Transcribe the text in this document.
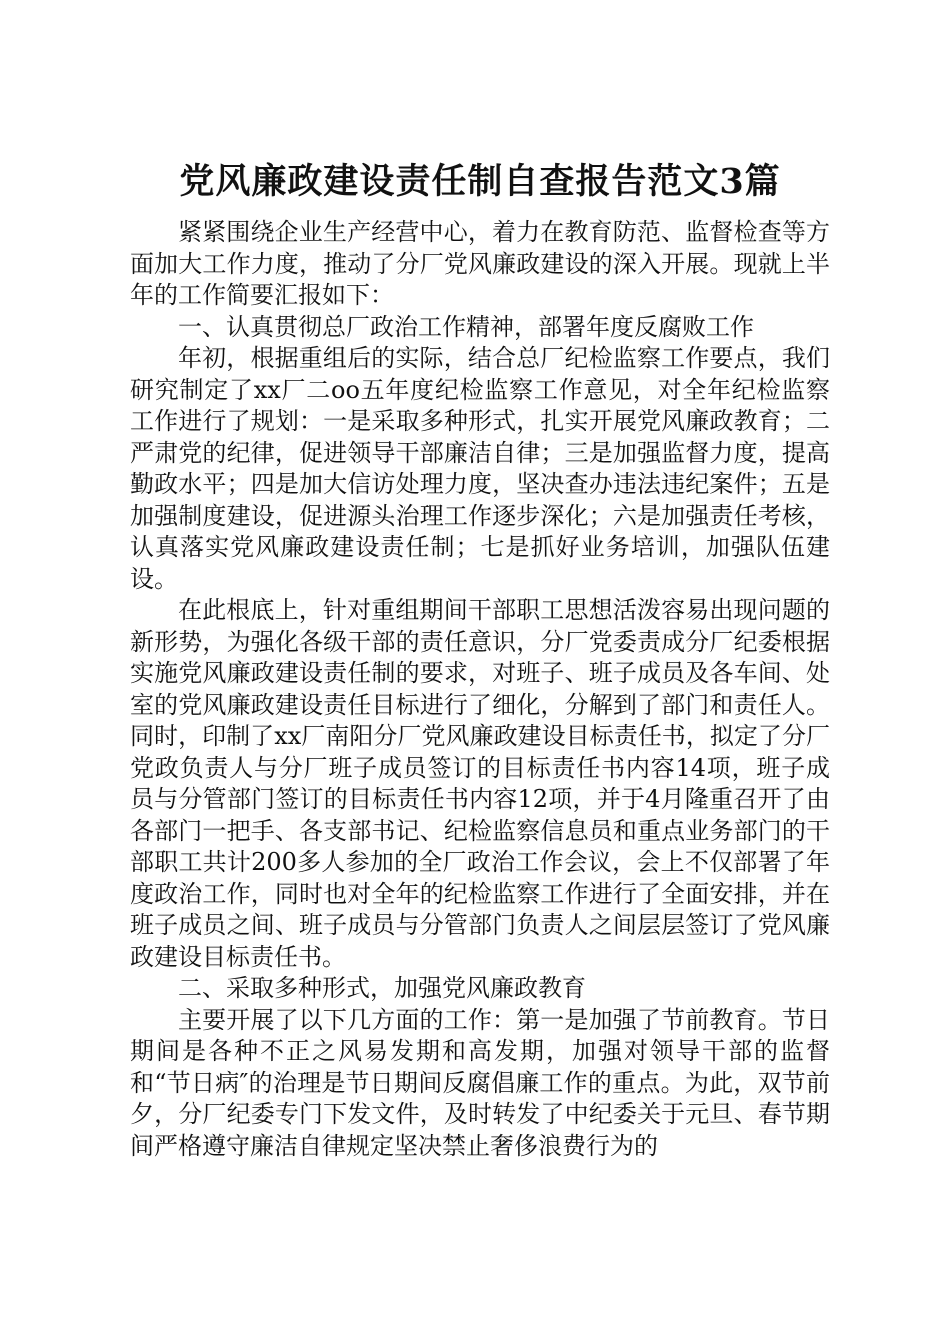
党风廉政建设责任制自查报告范文3篇

紧紧围绕企业生产经营中心，着力在教育防范、监督检查等方面加大工作力度，推动了分厂党风廉政建设的深入开展。现就上半年的工作简要汇报如下：

一、认真贯彻总厂政治工作精神，部署年度反腐败工作

年初，根据重组后的实际，结合总厂纪检监察工作要点，我们研究制定了xx厂二oo五年度纪检监察工作意见，对全年纪检监察工作进行了规划：一是采取多种形式，扎实开展党风廉政教育；二严肃党的纪律，促进领导干部廉洁自律；三是加强监督力度，提高勤政水平；四是加大信访处理力度，坚决查办违法违纪案件；五是加强制度建设，促进源头治理工作逐步深化；六是加强责任考核，认真落实党风廉政建设责任制；七是抓好业务培训，加强队伍建设。

在此根底上，针对重组期间干部职工思想活泼容易出现问题的新形势，为强化各级干部的责任意识，分厂党委责成分厂纪委根据实施党风廉政建设责任制的要求，对班子、班子成员及各车间、处室的党风廉政建设责任目标进行了细化，分解到了部门和责任人。同时，印制了xx厂南阳分厂党风廉政建设目标责任书，拟定了分厂党政负责人与分厂班子成员签订的目标责任书内容14项，班子成员与分管部门签订的目标责任书内容12项，并于4月隆重召开了由各部门一把手、各支部书记、纪检监察信息员和重点业务部门的干部职工共计200多人参加的全厂政治工作会议，会上不仅部署了年度政治工作，同时也对全年的纪检监察工作进行了全面安排，并在班子成员之间、班子成员与分管部门负责人之间层层签订了党风廉政建设目标责任书。

二、采取多种形式，加强党风廉政教育

主要开展了以下几方面的工作：第一是加强了节前教育。节日期间是各种不正之风易发期和高发期，加强对领导干部的监督和“节日病″的治理是节日期间反腐倡廉工作的重点。为此，双节前夕，分厂纪委专门下发文件，及时转发了中纪委关于元旦、春节期间严格遵守廉洁自律规定坚决禁止奢侈浪费行为的
